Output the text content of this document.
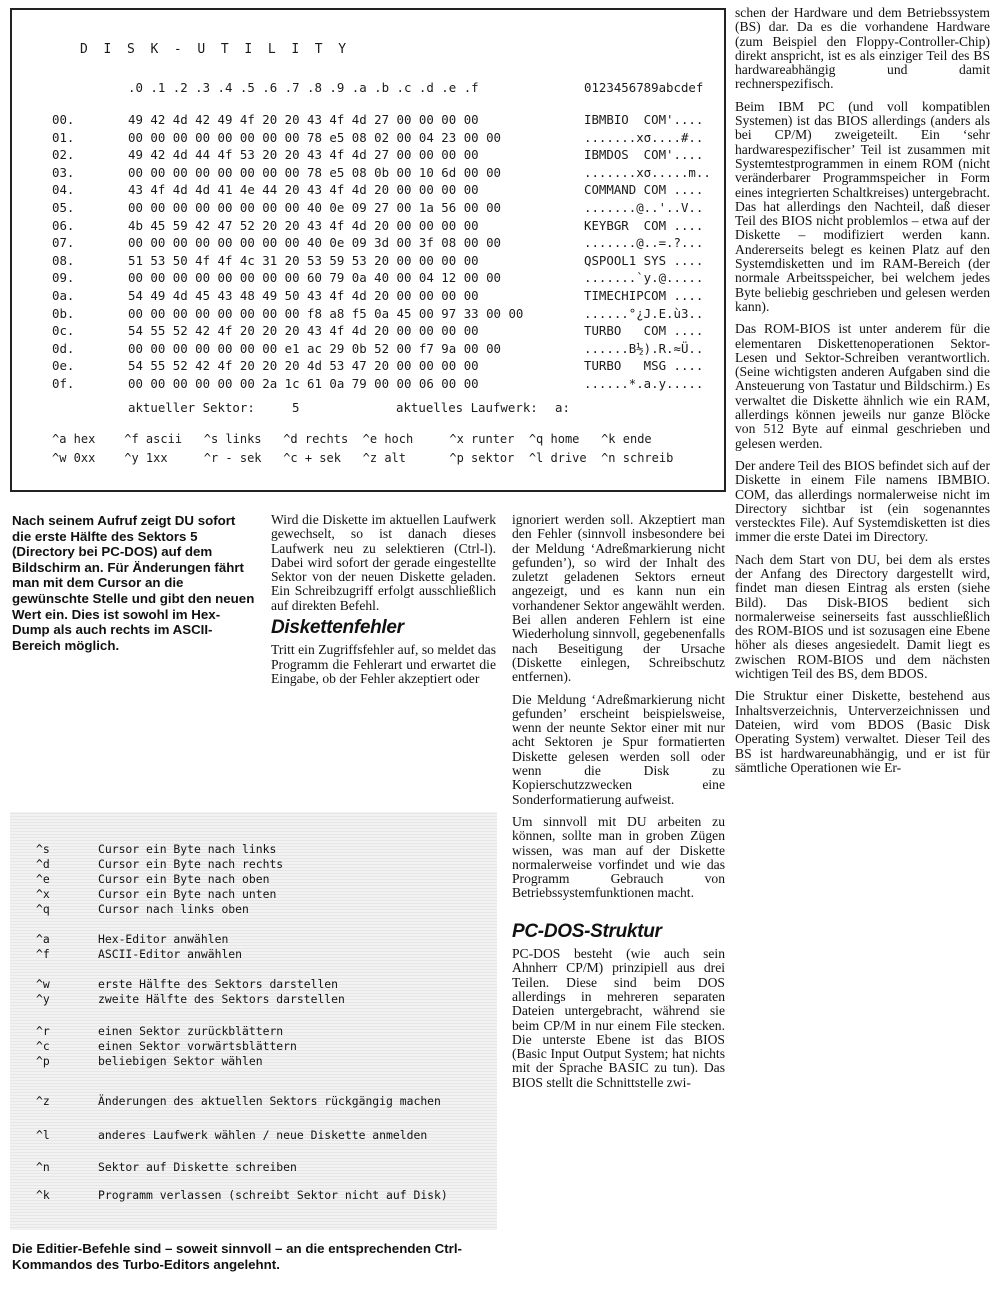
D  I  S  K  -  U  T  I  L  I  T  Y
.0 .1 .2 .3 .4 .5 .6 .7 .8 .9 .a .b .c .d .e .f	0123456789abcdef
00.	49 42 4d 42 49 4f 20 20 43 4f 4d 27 00 00 00 00	IBMBIO  COM'....
01.	00 00 00 00 00 00 00 00 78 e5 08 02 00 04 23 00 00	.......xσ....#..
02.	49 42 4d 44 4f 53 20 20 43 4f 4d 27 00 00 00 00	IBMDOS  COM'....
03.	00 00 00 00 00 00 00 00 78 e5 08 0b 00 10 6d 00 00	.......xσ.....m..
04.	43 4f 4d 4d 41 4e 44 20 43 4f 4d 20 00 00 00 00	COMMAND COM ....
05.	00 00 00 00 00 00 00 00 40 0e 09 27 00 1a 56 00 00	.......@..'..V..
06.	4b 45 59 42 47 52 20 20 43 4f 4d 20 00 00 00 00	KEYBGR  COM ....
07.	00 00 00 00 00 00 00 00 40 0e 09 3d 00 3f 08 00 00	.......@..=.?...
08.	51 53 50 4f 4f 4c 31 20 53 59 53 20 00 00 00 00	QSPOOL1 SYS ....
09.	00 00 00 00 00 00 00 00 60 79 0a 40 00 04 12 00 00	.......`y.@.....
0a.	54 49 4d 45 43 48 49 50 43 4f 4d 20 00 00 00 00	TIMECHIPCOM ....
0b.	00 00 00 00 00 00 00 00 f8 a8 f5 0a 45 00 97 33 00 00	......°¿J.E.ù3..
0c.	54 55 52 42 4f 20 20 20 43 4f 4d 20 00 00 00 00	TURBO   COM ....
0d.	00 00 00 00 00 00 00 e1 ac 29 0b 52 00 f7 9a 00 00	......B½).R.≈Ü..
0e.	54 55 52 42 4f 20 20 20 4d 53 47 20 00 00 00 00	TURBO   MSG ....
0f.	00 00 00 00 00 00 2a 1c 61 0a 79 00 00 06 00 00	......*.a.y.....
aktueller Sektor:	5	aktuelles Laufwerk: a:
^a hex    ^f ascii   ^s links   ^d rechts  ^e hoch     ^x runter  ^q home   ^k ende
^w 0xx    ^y 1xx     ^r - sek   ^c + sek   ^z alt      ^p sektor  ^l drive  ^n schreib
Nach seinem Aufruf zeigt DU sofort die erste Hälfte des Sektors 5 (Directory bei PC-DOS) auf dem Bildschirm an. Für Änderungen fährt man mit dem Cursor an die gewünschte Stelle und gibt den neuen Wert ein. Dies ist sowohl im Hex-Dump als auch rechts im ASCII-Bereich möglich.

Wird die Diskette im aktuellen Laufwerk gewechselt, so ist danach dieses Laufwerk neu zu selektieren (Ctrl-l). Dabei wird sofort der gerade eingestellte Sektor von der neuen Diskette geladen. Ein Schreibzugriff erfolgt ausschließlich auf direkten Befehl.

Diskettenfehler

Tritt ein Zugriffsfehler auf, so meldet das Programm die Fehlerart und erwartet die Eingabe, ob der Fehler akzeptiert oder

ignoriert werden soll. Akzeptiert man den Fehler (sinnvoll insbesondere bei der Meldung ‘Adreßmarkierung nicht gefunden’), so wird der Inhalt des zuletzt geladenen Sektors erneut angezeigt, und es kann nun ein vorhandener Sektor angewählt werden. Bei allen anderen Fehlern ist eine Wiederholung sinnvoll, gegebenenfalls nach Beseitigung der Ursache (Diskette einlegen, Schreibschutz entfernen).

Die Meldung ‘Adreßmarkierung nicht gefunden’ erscheint beispielsweise, wenn der neunte Sektor einer mit nur acht Sektoren je Spur formatierten Diskette gelesen werden soll oder wenn die Disk zu Kopierschutzzwecken eine Sonderformatierung aufweist.

Um sinnvoll mit DU arbeiten zu können, sollte man in groben Zügen wissen, was man auf der Diskette normalerweise vorfindet und wie das Programm Gebrauch von Betriebssystemfunktionen macht.

PC-DOS-Struktur

PC-DOS besteht (wie auch sein Ahnherr CP/M) prinzipiell aus drei Teilen. Diese sind beim DOS allerdings in mehreren separaten Dateien untergebracht, während sie beim CP/M in nur einem File stecken. Die unterste Ebene ist das BIOS (Basic Input Output System; hat nichts mit der Sprache BASIC zu tun). Das BIOS stellt die Schnittstelle zwi-

schen der Hardware und dem Betriebssystem (BS) dar. Da es die vorhandene Hardware (zum Beispiel den Floppy-Controller-Chip) direkt anspricht, ist es als einziger Teil des BS hardwareabhängig und damit rechnerspezifisch.

Beim IBM PC (und voll kompatiblen Systemen) ist das BIOS allerdings (anders als bei CP/M) zweigeteilt. Ein ‘sehr hardwarespezifischer’ Teil ist zusammen mit Systemtestprogrammen in einem ROM (nicht veränderbarer Programmspeicher in Form eines integrierten Schaltkreises) untergebracht. Das hat allerdings den Nachteil, daß dieser Teil des BIOS nicht problemlos – etwa auf der Diskette – modifiziert werden kann. Andererseits belegt es keinen Platz auf den Systemdisketten und im RAM-Bereich (der normale Arbeitsspeicher, bei welchem jedes Byte beliebig geschrieben und gelesen werden kann).

Das ROM-BIOS ist unter anderem für die elementaren Diskettenoperationen Sektor-Lesen und Sektor-Schreiben verantwortlich. (Seine wichtigsten anderen Aufgaben sind die Ansteuerung von Tastatur und Bildschirm.) Es verwaltet die Diskette ähnlich wie ein RAM, allerdings können jeweils nur ganze Blöcke von 512 Byte auf einmal geschrieben und gelesen werden.

Der andere Teil des BIOS befindet sich auf der Diskette in einem File namens IBMBIO. COM, das allerdings normalerweise nicht im Directory sichtbar ist (ein sogenanntes verstecktes File). Auf Systemdisketten ist dies immer die erste Datei im Directory.

Nach dem Start von DU, bei dem als erstes der Anfang des Directory dargestellt wird, findet man diesen Eintrag als ersten (siehe Bild). Das Disk-BIOS bedient sich normalerweise seinerseits fast ausschließlich des ROM-BIOS und ist sozusagen eine Ebene höher als dieses angesiedelt. Damit liegt es zwischen ROM-BIOS und dem nächsten wichtigen Teil des BS, dem BDOS.

Die Struktur einer Diskette, bestehend aus Inhaltsverzeichnis, Unterverzeichnissen und Dateien, wird vom BDOS (Basic Disk Operating System) verwaltet. Dieser Teil des BS ist hardwareunabhängig, und er ist für sämtliche Operationen wie Er-

^s	Cursor ein Byte nach links
^d	Cursor ein Byte nach rechts
^e	Cursor ein Byte nach oben
^x	Cursor ein Byte nach unten
^q	Cursor nach links oben
^a	Hex-Editor anwählen
^f	ASCII-Editor anwählen
^w	erste Hälfte des Sektors darstellen
^y	zweite Hälfte des Sektors darstellen
^r	einen Sektor zurückblättern
^c	einen Sektor vorwärtsblättern
^p	beliebigen Sektor wählen
^z	Änderungen des aktuellen Sektors rückgängig machen
^l	anderes Laufwerk wählen / neue Diskette anmelden
^n	Sektor auf Diskette schreiben
^k	Programm verlassen (schreibt Sektor nicht auf Disk)
Die Editier-Befehle sind – soweit sinnvoll – an die entsprechenden Ctrl-Kommandos des Turbo-Editors angelehnt.
